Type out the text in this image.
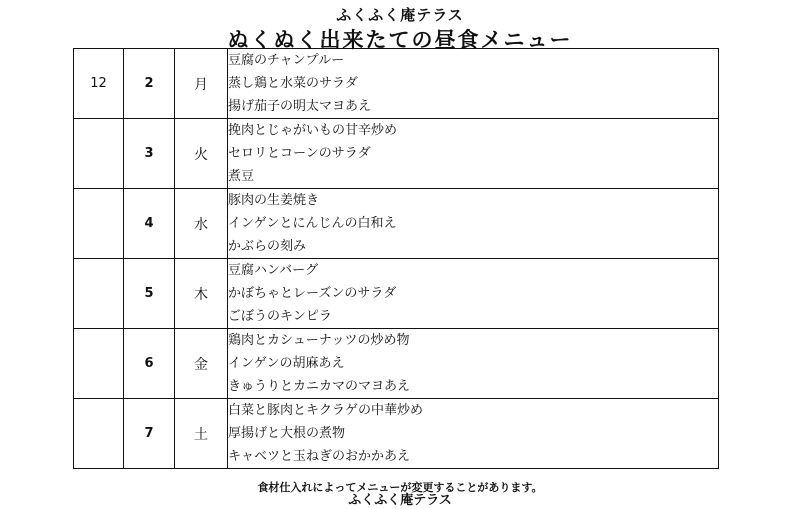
ふくふく庵テラス
ぬくぬく出来たての昼食メニュー
12	2	月	豆腐のチャンプルー
蒸し鶏と水菜のサラダ
揚げ茄子の明太マヨあえ

	3	火	挽肉とじゃがいもの甘辛炒め
セロリとコーンのサラダ
煮豆

	4	水	豚肉の生姜焼き
インゲンとにんじんの白和え
かぶらの刻み

	5	木	豆腐ハンバーグ
かぼちゃとレーズンのサラダ
ごぼうのキンピラ

	6	金	鶏肉とカシューナッツの炒め物
インゲンの胡麻あえ
きゅうりとカニカマのマヨあえ

	7	土	白菜と豚肉とキクラゲの中華炒め
厚揚げと大根の煮物
キャベツと玉ねぎのおかかあえ
食材仕入れによってメニューが変更することがあります。
ふくふく庵テラス
